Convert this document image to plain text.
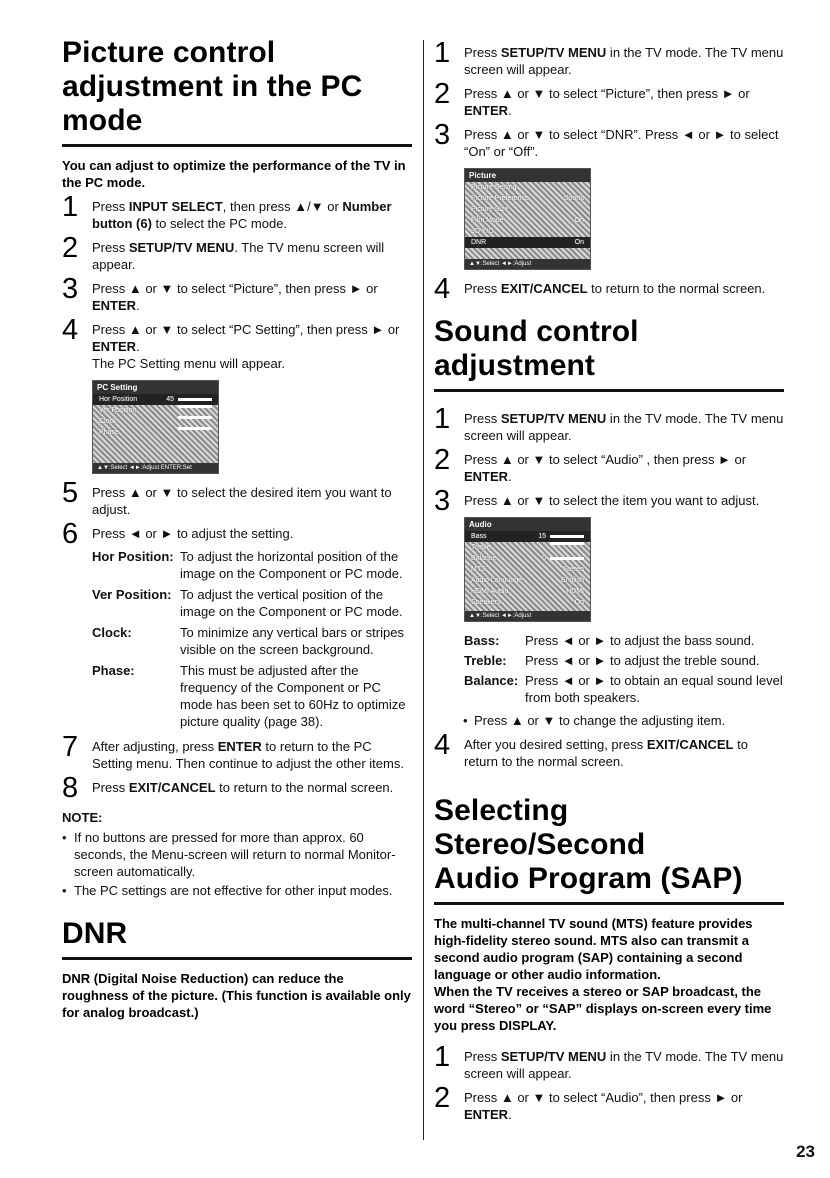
Picture control
adjustment in the PC mode
You can adjust to optimize the performance of the TV in the PC mode.
1 Press INPUT SELECT, then press ▲/▼ or Number button (6) to select the PC mode.
2 Press SETUP/TV MENU. The TV menu screen will appear.
3 Press ▲ or ▼ to select “Picture”, then press ► or ENTER.
4 Press ▲ or ▼ to select “PC Setting”, then press ► or ENTER.
The PC Setting menu will appear.
PC Setting
Hor Position	45
Ver Position
Clock
Phase
▲▼:Select ◄►:Adjust ENTER:Set
5 Press ▲ or ▼ to select the desired item you want to adjust.
6 Press ◄ or ► to adjust the setting.
Hor Position: To adjust the horizontal position of the image on the Component or PC mode.
Ver Position: To adjust the vertical position of the image on the Component or PC mode.
Clock:	To minimize any vertical bars or stripes visible on the screen background.
Phase:	This must be adjusted after the frequency of the Component or PC mode has been set to 60Hz to optimize picture quality (page 38).
7 After adjusting, press ENTER to return to the PC Setting menu. Then continue to adjust the other items.
8 Press EXIT/CANCEL to return to the normal screen.
NOTE:
• If no buttons are pressed for more than approx. 60 seconds, the Menu-screen will return to normal Monitor-screen automatically.
• The PC settings are not effective for other input modes.
DNR
DNR (Digital Noise Reduction) can reduce the roughness of the picture. (This function is available only for analog broadcast.)
1 Press SETUP/TV MENU in the TV mode. The TV menu screen will appear.
2 Press ▲ or ▼ to select “Picture”, then press ► or ENTER.
3 Press ▲ or ▼ to select “DNR”. Press ◄ or ► to select “On” or “Off”.
Picture
Picture Setting
Picture Preference	Sports
Picture Size
Film Mode	On
3D Y/C
DNR	On
▲▼:Select ◄►:Adjust
4 Press EXIT/CANCEL to return to the normal screen.
Sound control
adjustment
1 Press SETUP/TV MENU in the TV mode. The TV menu screen will appear.
2 Press ▲ or ▼ to select “Audio” , then press ► or ENTER.
3 Press ▲ or ▼ to select the item you want to adjust.
Audio
Bass	15
Treble
Balance	0
MTS	Stereo
Audio Language	English
HDMI Audio	HDMI
Speakers	On
▲▼:Select ◄►:Adjust
Bass:	Press ◄ or ► to adjust the bass sound.
Treble:	Press ◄ or ► to adjust the treble sound.
Balance: Press ◄ or ► to obtain an equal sound level from both speakers.
• Press ▲ or ▼ to change the adjusting item.
4 After you desired setting, press EXIT/CANCEL to return to the normal screen.
Selecting Stereo/Second
Audio Program (SAP)
The multi-channel TV sound (MTS) feature provides high-fidelity stereo sound. MTS also can transmit a second audio program (SAP) containing a second language or other audio information.
When the TV receives a stereo or SAP broadcast, the word “Stereo” or “SAP” displays on-screen every time you press DISPLAY.
1 Press SETUP/TV MENU in the TV mode. The TV menu screen will appear.
2 Press ▲ or ▼ to select “Audio”, then press ► or ENTER.
23
